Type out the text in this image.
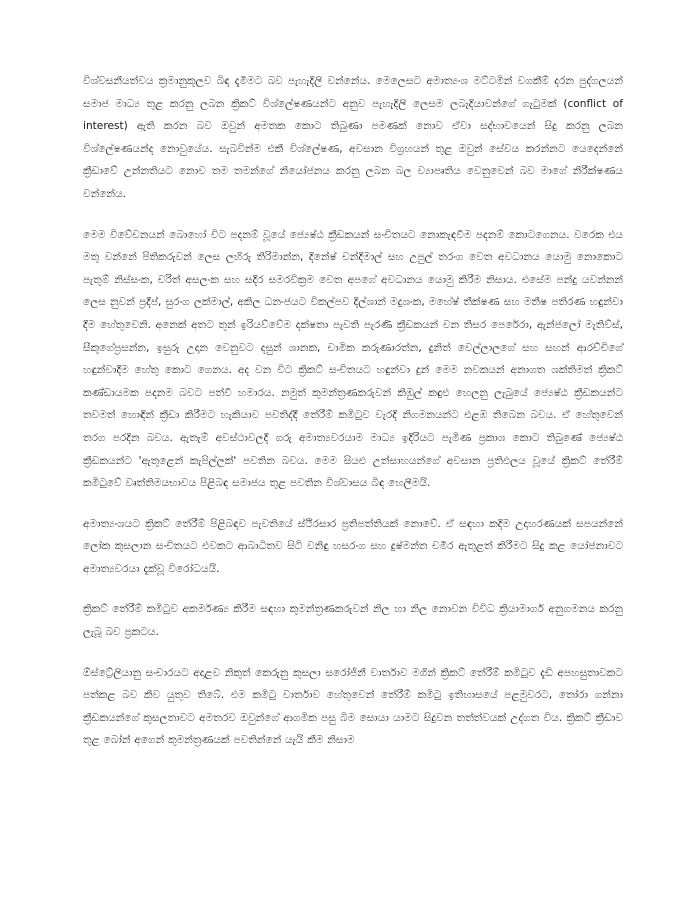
විශ්වසනීයත්වය ක්‍රමානුකූලව බිඳ දැමීමට බව පැහැදිලි වන්නේය. මෙලෙසට අමාත්‍යංශ මට්ටමින් වගකීම් දරන පුද්ගලයන් සමාජ මාධ්‍ය තුළ කරනු ලබන ක්‍රිකට් විශ්ලේෂණයන්ට අනුව පැහැදිලි ලෙසම ලබැදියාවන්ගේ ගැටුමක් (conflict of interest) ඇති කරන බව ඔවුන් අමතක කොට තිබුණා පමණක් නොව ඒවා සද්භාවයෙන් සිදු කරනු ලබන විශ්ලේෂණයන්ද නොවුයේය. සැබවින්ම එකී විශ්ලේෂණ, අවසාන විග්‍රහයන් තුළ ඔවුන් සේවය කරන්නට යෙදෙන්නේ ක්‍රීඩාවේ උන්නතියට නොව තම තමන්ගේ නියෝජනය කරනු ලබන බල ව්‍යාපෘතිය වෙනුවෙන් බව මාගේ නිරීක්ෂණය වන්නේය.

මෙම විවේචනයන් බොහෝ විට පදනම් වූයේ ජ්‍යෙෂ්ඨ ක්‍රීඩකයන් සංචිතයට නොකැඳවීම පදනම් කොටගෙනය. වරෙක එය මතු වන්නේ පිතිකරුවන් ලෙස ලහිරු තිරිමාන්න, දිනේෂ් චන්දිමාල් සහ උපුල් තරංග වෙත අවධානය යොමු නොකොට පැතුම් නිස්සංක, චරිත් අසලංක සහ සදීර සමරවික්‍රම වෙත අපගේ අවධානය යොමු කිරීම නිසාය. එසේම පන්දු යවන්නන් ලෙස නුවන් ප්‍රදීප්, සුරංග ලක්මාල්, අකිල ධනංජයට විකල්පව දිල්ශාන් මදුශංක, මහේෂ් තීක්ෂණ සහ මතීෂ පතිරණ හඳුන්වා දීම හේතුවෙනි. අනෙක් අතට තුන් ඉරියව්වේම දක්ෂතා පැවති පැරණි ක්‍රීඩකයන් වන තිසර පෙරේරා, ඇන්ජලෝ මැතිව්ස්, සීකුගේප්‍රසන්න, ඉසුරු උදාන වෙනුවට දසුන් ශානක, චාමික කරුණාරත්න, දුනිත් වෙල්ලාලගේ සහ සහන් ආරච්චිගේ හඳුන්වාදීම හේතු කොට ගෙනය. අද වන විට ක්‍රිකට් සංචිතයට හඳුන්වා දුන් මෙම නවකයන් අනාගත ශක්තිමත් ක්‍රිකට් කණ්ඩායමක පදනම බවට පත්වී හමාරය. නමුත් කුමන්ත්‍රණකරුවන් කිඹුල් කඳුළු හෙලනු ලැබුයේ ජ්‍යෙෂ්ඨ ක්‍රීඩකයන්ට තවමත් හොඳින් ක්‍රීඩා කිරීමට හැකියාව පවතිද්දී තේරීම් කමිටුව වැරදි නිගමනයන්ට එළඹ තිබෙන බවය. ඒ හේතුවෙන් තරග පරදින බවය. ඇතැම් අවස්ථාවලදී ගරු අමාත්‍යවරයාම මාධ්‍ය ඉදිරියට පැමිණ ප්‍රකාශ කොට තිබුණේ ජ්‍යෙෂ්ඨ ක්‍රීඩකයන්ට 'ඇතුළෙන් කැපිල්ලක්' පවතින බවය. මෙම සියළු උත්සාහයන්ගේ අවසාන ප්‍රතිඵලය වූයේ ක්‍රිකට් තේරීම් කමිටුවේ වෘත්තිමයභාවය පිළිබඳ සමාජය තුළ පවතින විශ්වාසය බිඳ හෙලීමයි.

අමාත්‍යංශයට ක්‍රිකට් තේරීම් පිළිබඳව පැවතියේ ස්ථිරසාර ප්‍රතිපත්තියක් නොවේ. ඒ සඳහා කදිම උදාහරණයක් සපයන්නේ ලෝක කුසලාන සංචිතයට එවකට ආබාධිතව සිටි වනිඳු හසරංග සහ දුෂ්මන්ත චමීර ඇතුළත් කිරීමට සිදු කළ යෝජනාවට අමාත්‍යවරයා දැක්වූ විරෝධයයි.

ක්‍රිකට් තේරීම් කමිටුව අකර්මණ්‍ය කිරීම සඳහා කුමන්ත්‍රණකරුවන් නිල හා නිල නොවන විවිධ ක්‍රියාමාර්ග අනුගමනය කරනු ලැබූ බව ප්‍රකටය.

ඕස්ට්‍රේලියානු සංචාරයට අදාළව නිකුත් කෙරුනු කුසලා සරෝජිනී වාර්තාව මගින් ක්‍රිකට් තේරීම් කමිටුව දැඩි අපහසුතාවකට පත්කළ බව කිව යුතුව තිබේ. එම කමිටු වාර්තාව හේතුවෙන් තේරීම් කමිටු ඉතිහාසයේ පළමුවරට, තෝරා ගන්නා ක්‍රීඩකයන්ගේ කුසලතාවට අමතරව ඔවුන්ගේ ආගමික පසු බිම සොයා යාමට සිදුවන තත්ත්වයක් උද්ගත විය. ක්‍රිකට් ක්‍රීඩාව තුළ බෝන් අගෙන් කුමන්ත්‍රණයක් පවතින්නේ යැයි කීම නිසාම
